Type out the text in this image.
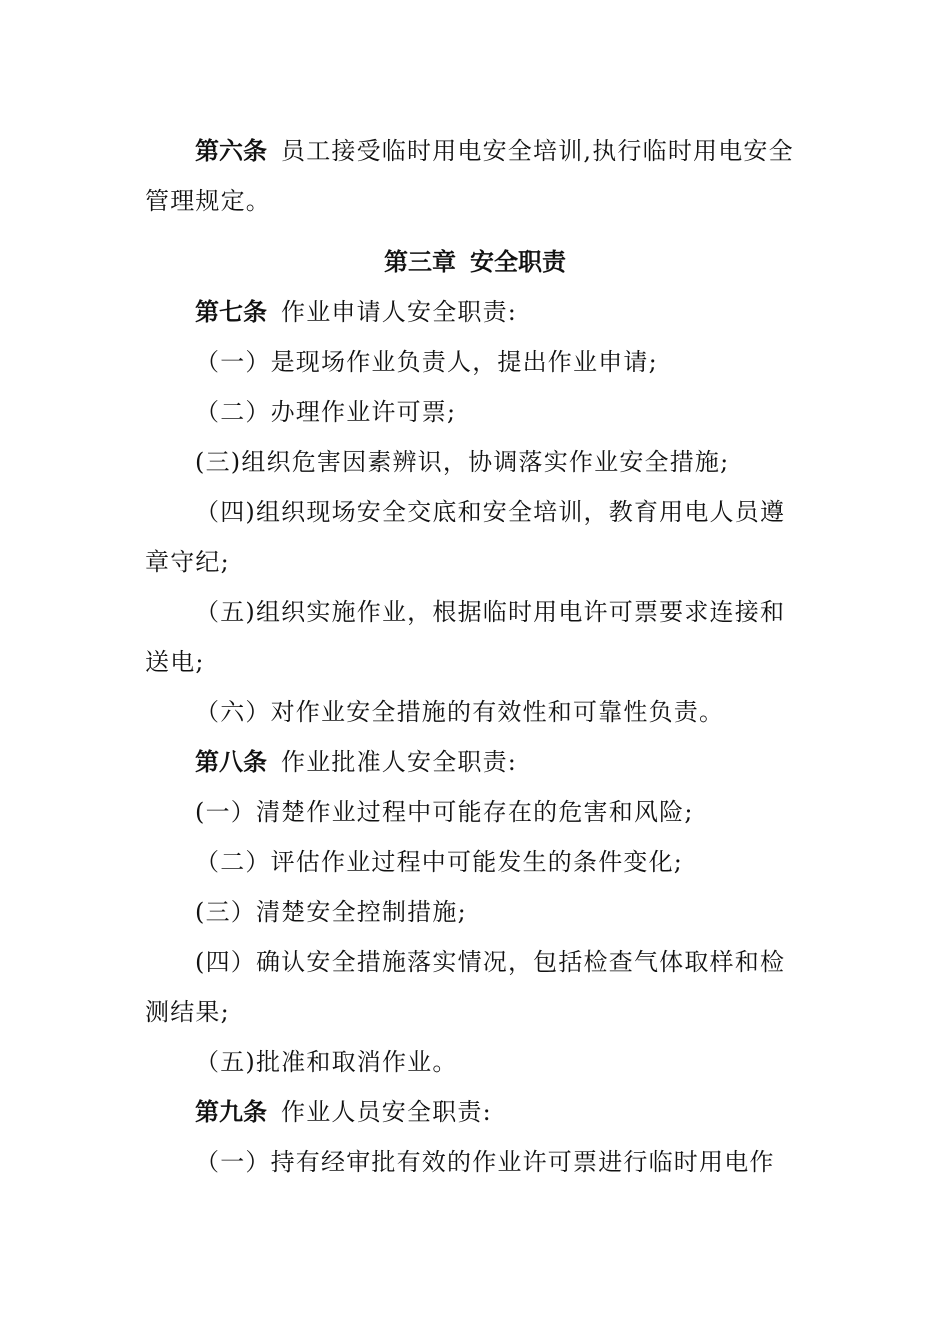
第六条 员工接受临时用电安全培训,执行临时用电安全
管理规定。
第三章 安全职责
第七条 作业申请人安全职责:
（一）是现场作业负责人，提出作业申请;
（二）办理作业许可票;
(三)组织危害因素辨识，协调落实作业安全措施;
（四)组织现场安全交底和安全培训，教育用电人员遵
章守纪;
（五)组织实施作业，根据临时用电许可票要求连接和
送电;
（六）对作业安全措施的有效性和可靠性负责。
第八条 作业批准人安全职责:
(一）清楚作业过程中可能存在的危害和风险;
（二）评估作业过程中可能发生的条件变化;
(三）清楚安全控制措施;
(四）确认安全措施落实情况，包括检查气体取样和检
测结果;
（五)批准和取消作业。
第九条 作业人员安全职责:
（一）持有经审批有效的作业许可票进行临时用电作
